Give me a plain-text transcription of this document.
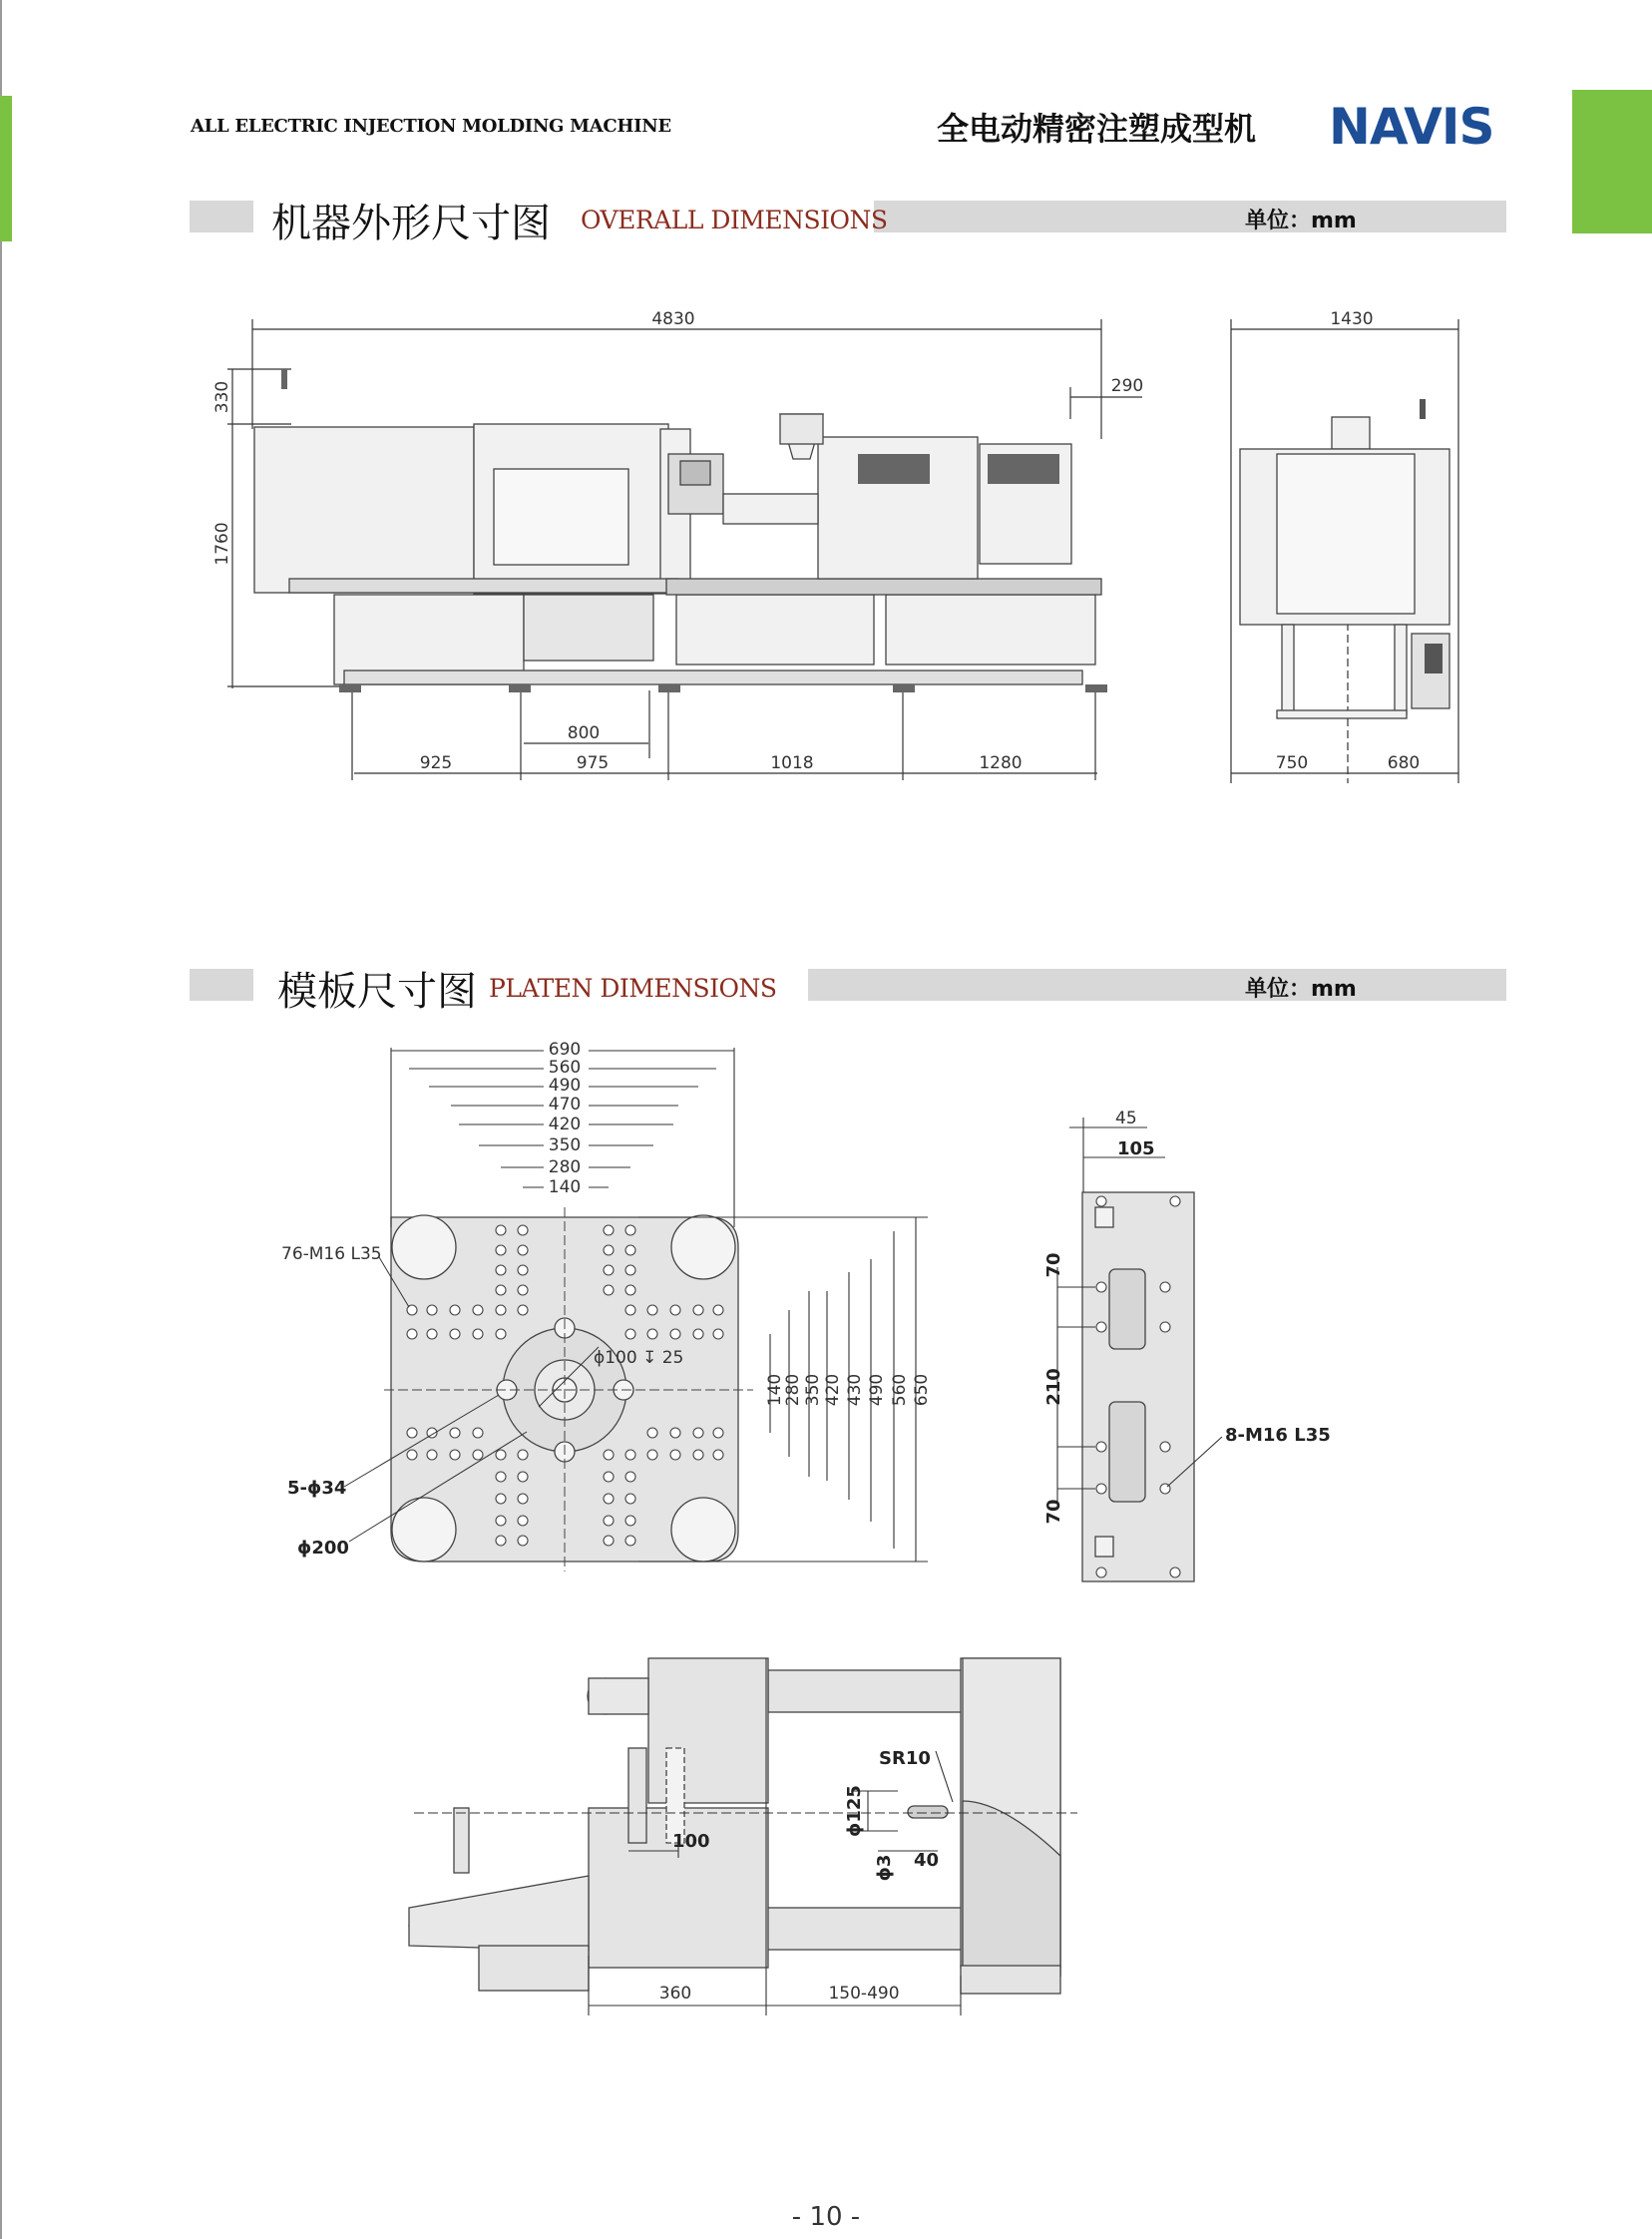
ALL ELECTRIC INJECTION MOLDING MACHINE	全电动精密注塑成型机 NAVIS
机器外形尺寸图 OVERALL DIMENSIONS	单位：mm
模板尺寸图 PLATEN DIMENSIONS	单位：mm
4830
290
1430
800
925	975	1018	1280	750	680
330
1760
690
560
490
470
420
350
280
140
140
280 350 420 430 490 560 650
76-M16 L35
ϕ100 ↧ 25
45
5-ϕ34
ϕ200
105
8-M16 L35
70
210
70
360	150-490
SR10
100
40
ϕ125
ϕ3
- 10 -
